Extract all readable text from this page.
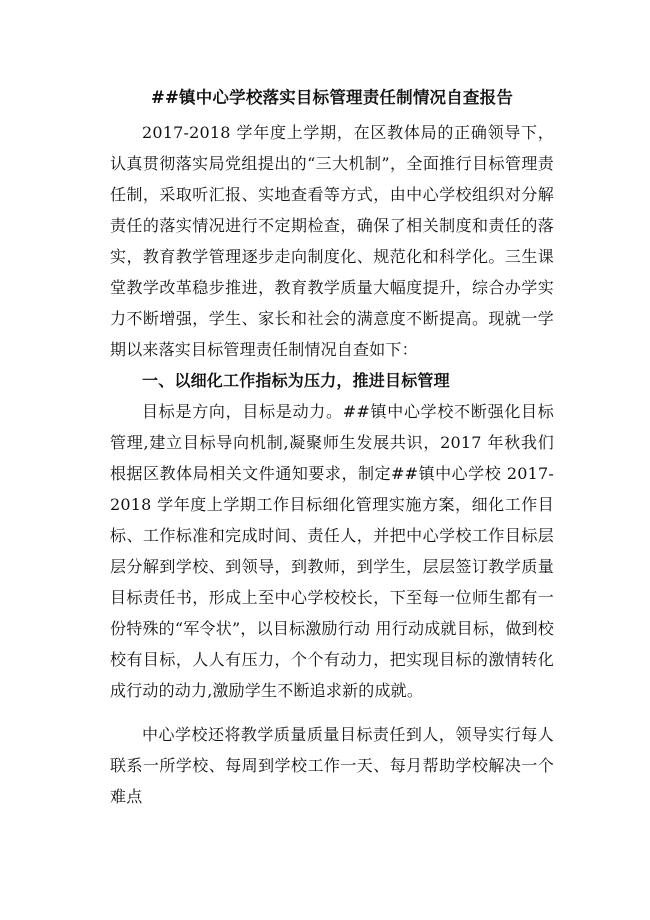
##镇中心学校落实目标管理责任制情况自查报告

2017-2018 学年度上学期，在区教体局的正确领导下，认真贯彻落实局党组提出的“三大机制”，全面推行目标管理责任制，采取听汇报、实地查看等方式，由中心学校组织对分解责任的落实情况进行不定期检查，确保了相关制度和责任的落实，教育教学管理逐步走向制度化、规范化和科学化。三生课堂教学改革稳步推进，教育教学质量大幅度提升，综合办学实力不断增强，学生、家长和社会的满意度不断提高。现就一学期以来落实目标管理责任制情况自查如下：

一、以细化工作指标为压力，推进目标管理

目标是方向，目标是动力。##镇中心学校不断强化目标管理,建立目标导向机制,凝聚师生发展共识，2017 年秋我们根据区教体局相关文件通知要求，制定##镇中心学校 2017-2018 学年度上学期工作目标细化管理实施方案，细化工作目标、工作标准和完成时间、责任人，并把中心学校工作目标层层分解到学校、到领导，到教师，到学生，层层签订教学质量目标责任书，形成上至中心学校校长，下至每一位师生都有一份特殊的“军令状”，以目标激励行动 用行动成就目标，做到校校有目标，人人有压力，个个有动力，把实现目标的激情转化成行动的动力,激励学生不断追求新的成就。

中心学校还将教学质量质量目标责任到人，领导实行每人联系一所学校、每周到学校工作一天、每月帮助学校解决一个难点
